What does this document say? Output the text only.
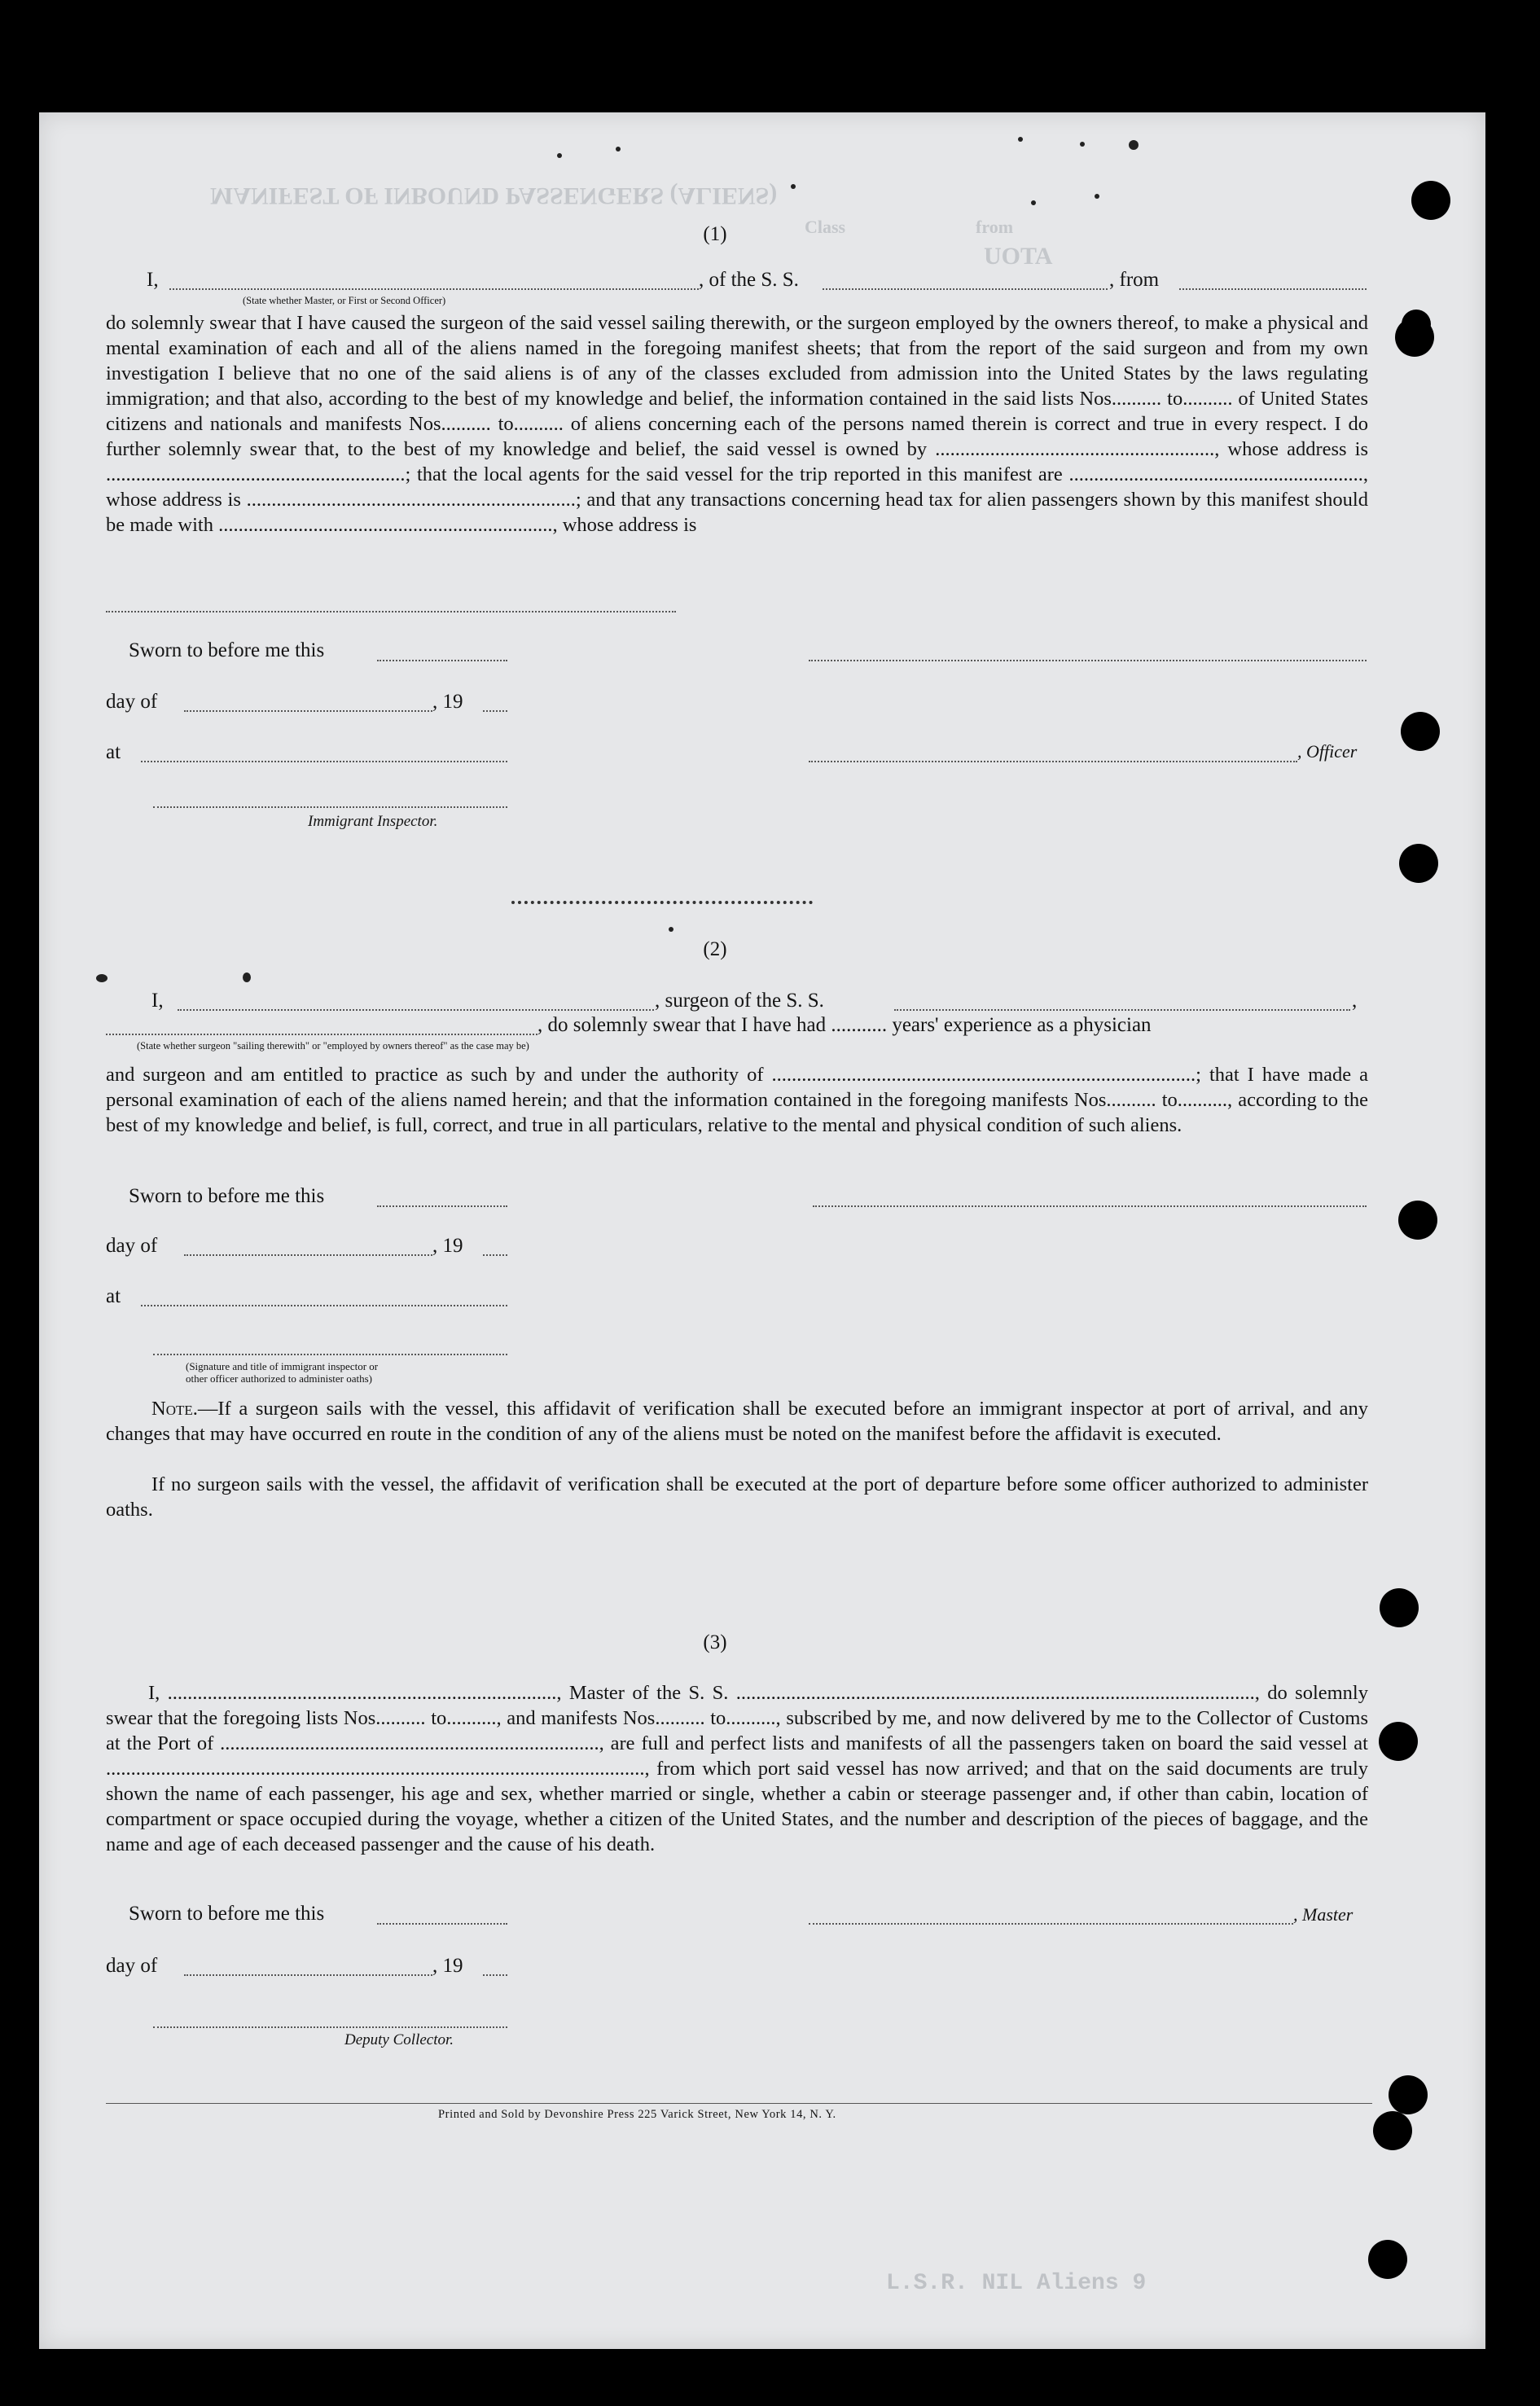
MANIFEST OF INBOUND PASSENGERS (ALIENS)
Class	from
UOTA
L.S.R. NIL Aliens 9

(1)
I,	, of the S. S.	, from
(State whether Master, or First or Second Officer)
do solemnly swear that I have caused the surgeon of the said vessel sailing therewith, or the surgeon employed by the owners thereof, to make a physical and mental examination of each and all of the aliens named in the foregoing manifest sheets; that from the report of the said surgeon and from my own investigation I believe that no one of the said aliens is of any of the classes excluded from admission into the United States by the laws regulating immigration; and that also, according to the best of my knowledge and belief, the information contained in the said lists Nos.......... to.......... of United States citizens and nationals and manifests Nos.......... to.......... of aliens concerning each of the persons named therein is correct and true in every respect. I do further solemnly swear that, to the best of my knowledge and belief, the said vessel is owned by ........................................................, whose address is ............................................................; that the local agents for the said vessel for the trip reported in this manifest are ..........................................................., whose address is ..................................................................; and that any transactions concerning head tax for alien passengers shown by this manifest should be made with ..................................................................., whose address is
Sworn to before me this
day of	, 19
at	, Officer
Immigrant Inspector.
(2)
I,	, surgeon of the S. S.	,
, do solemnly swear that I have had ........... years' experience as a physician
(State whether surgeon "sailing therewith" or "employed by owners thereof" as the case may be)
and surgeon and am entitled to practice as such by and under the authority of .....................................................................................; that I have made a personal examination of each of the aliens named herein; and that the information contained in the foregoing manifests Nos.......... to.........., according to the best of my knowledge and belief, is full, correct, and true in all particulars, relative to the mental and physical condition of such aliens.
Sworn to before me this
day of	, 19
at
(Signature and title of immigrant inspector or
other officer authorized to administer oaths)
Note.—If a surgeon sails with the vessel, this affidavit of verification shall be executed before an immigrant inspector at port of arrival, and any changes that may have occurred en route in the condition of any of the aliens must be noted on the manifest before the affidavit is executed.
If no surgeon sails with the vessel, the affidavit of verification shall be executed at the port of departure before some officer authorized to administer oaths.
(3)
I, .............................................................................., Master of the S. S. ........................................................................................................, do solemnly swear that the foregoing lists Nos.......... to.........., and manifests Nos.......... to.........., subscribed by me, and now delivered by me to the Collector of Customs at the Port of ............................................................................, are full and perfect lists and manifests of all the passengers taken on board the said vessel at ............................................................................................................, from which port said vessel has now arrived; and that on the said documents are truly shown the name of each passenger, his age and sex, whether married or single, whether a cabin or steerage passenger and, if other than cabin, location of compartment or space occupied during the voyage, whether a citizen of the United States, and the number and description of the pieces of baggage, and the name and age of each deceased passenger and the cause of his death.
Sworn to before me this	, Master
day of	, 19
Deputy Collector.
Printed and Sold by Devonshire Press 225 Varick Street, New York 14, N. Y.
